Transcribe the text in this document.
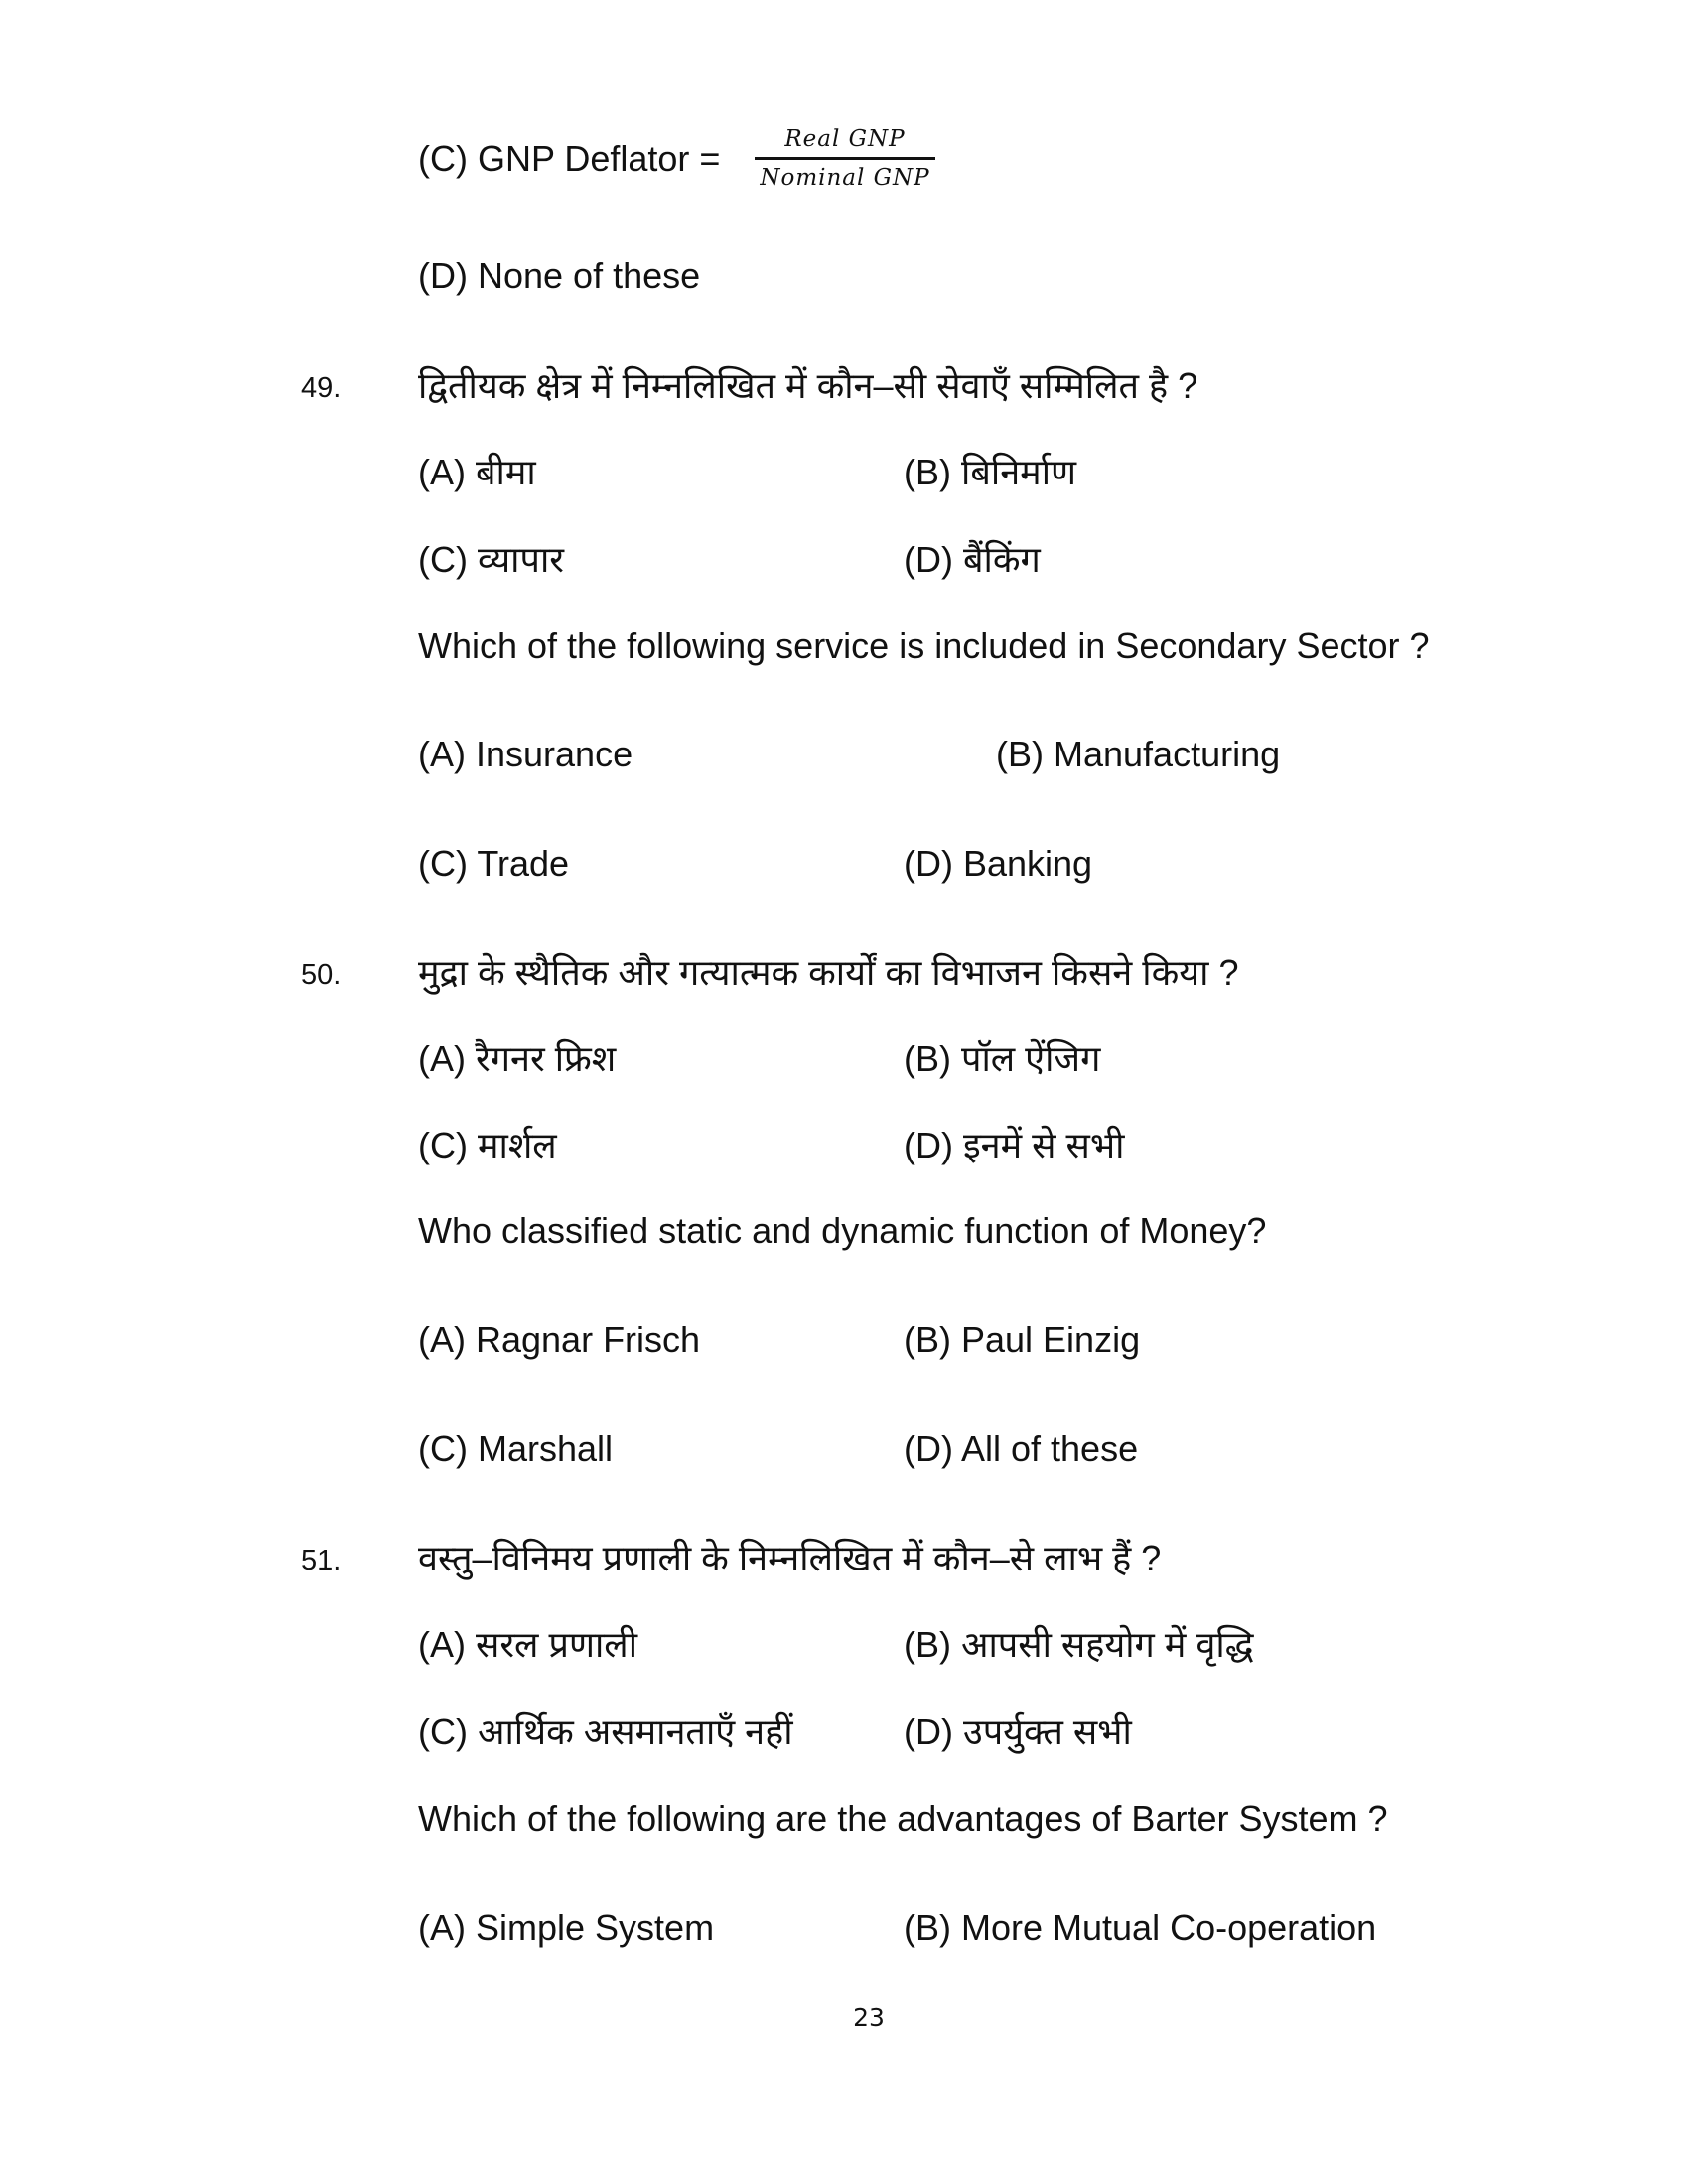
(C) GNP Deflator =	Real GNP
Nominal GNP
(D) None of these
49. द्वितीयक क्षेत्र में निम्नलिखित में कौन–सी सेवाएँ सम्मिलित है ?
(A) बीमा	(B) बिनिर्माण
(C) व्यापार	(D) बैंकिंग
Which of the following service is included in Secondary Sector ?
(A) Insurance	(B) Manufacturing
(C) Trade	(D) Banking
50. मुद्रा के स्थैतिक और गत्यात्मक कार्यों का विभाजन किसने किया ?
(A) रैगनर फ्रिश	(B) पॉल ऐंजिग
(C) मार्शल	(D) इनमें से सभी
Who classified static and dynamic function of Money?
(A) Ragnar Frisch	(B) Paul Einzig
(C) Marshall	(D) All of these
51. वस्तु–विनिमय प्रणाली के निम्नलिखित में कौन–से लाभ हैं ?
(A) सरल प्रणाली	(B) आपसी सहयोग में वृद्धि
(C) आर्थिक असमानताएँ नहीं	(D) उपर्युक्त सभी
Which of the following are the advantages of Barter System ?
(A) Simple System	(B) More Mutual Co-operation
23
